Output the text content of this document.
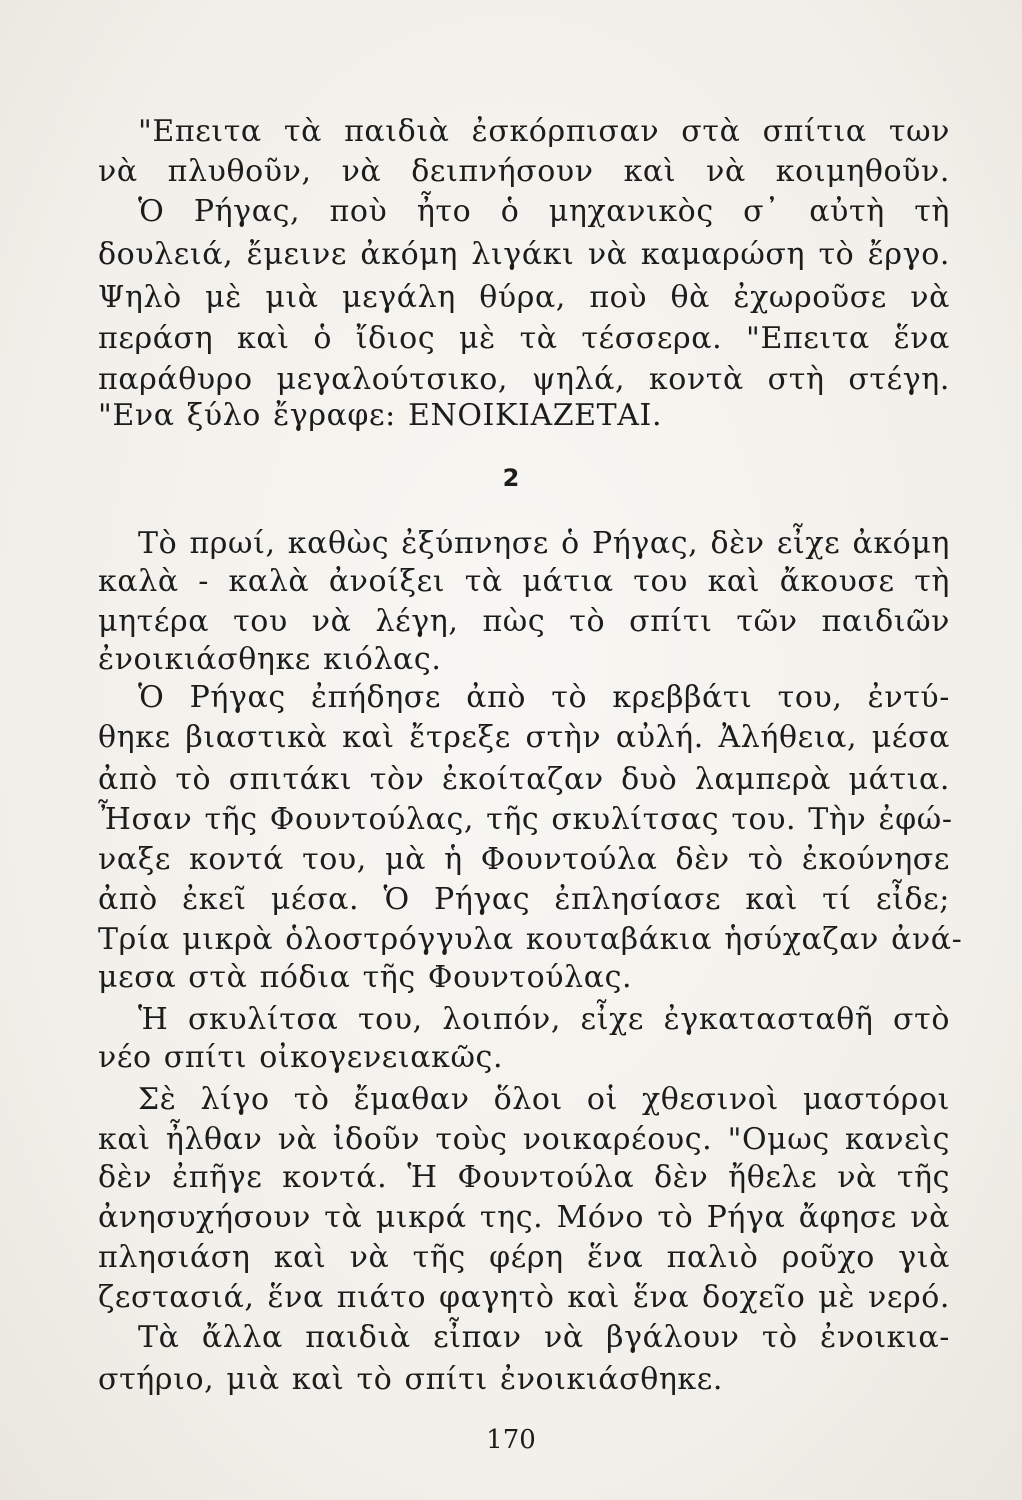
"Επειτα τὰ παιδιὰ ἐσκόρπισαν στὰ σπίτια των
νὰ πλυθοῦν, νὰ δειπνήσουν καὶ νὰ κοιμηθοῦν.
Ὁ Ρήγας, ποὺ ἦτο ὁ μηχανικὸς σ᾽ αὐτὴ τὴ
δουλειά, ἔμεινε ἀκόμη λιγάκι νὰ καμαρώση τὸ ἔργο.
Ψηλὸ μὲ μιὰ μεγάλη θύρα, ποὺ θὰ ἐχωροῦσε νὰ
περάση καὶ ὁ ἴδιος μὲ τὰ τέσσερα. "Επειτα ἕνα
παράθυρο μεγαλούτσικο, ψηλά, κοντὰ στὴ στέγη.
"Ενα ξύλο ἔγραφε: ΕΝΟΙΚΙΑΖΕΤΑΙ.
2
Τὸ πρωί, καθὼς ἐξύπνησε ὁ Ρήγας, δὲν εἶχε ἀκόμη
καλὰ - καλὰ ἀνοίξει τὰ μάτια του καὶ ἄκουσε τὴ
μητέρα του νὰ λέγη, πὼς τὸ σπίτι τῶν παιδιῶν
ἐνοικιάσθηκε κιόλας.
Ὁ Ρήγας ἐπήδησε ἀπὸ τὸ κρεββάτι του, ἐντύ-
θηκε βιαστικὰ καὶ ἔτρεξε στὴν αὐλή. Ἀλήθεια, μέσα
ἀπὸ τὸ σπιτάκι τὸν ἐκοίταζαν δυὸ λαμπερὰ μάτια.
Ἦσαν τῆς Φουντούλας, τῆς σκυλίτσας του. Τὴν ἐφώ-
ναξε κοντά του, μὰ ἡ Φουντούλα δὲν τὸ ἐκούνησε
ἀπὸ ἐκεῖ μέσα. Ὁ Ρήγας ἐπλησίασε καὶ τί εἶδε;
Τρία μικρὰ ὁλοστρόγγυλα κουταβάκια ἡσύχαζαν ἀνά-
μεσα στὰ πόδια τῆς Φουντούλας.
Ἡ σκυλίτσα του, λοιπόν, εἶχε ἐγκατασταθῆ στὸ
νέο σπίτι οἰκογενειακῶς.
Σὲ λίγο τὸ ἔμαθαν ὅλοι οἱ χθεσινοὶ μαστόροι
καὶ ἦλθαν νὰ ἰδοῦν τοὺς νοικαρέους. "Ομως κανεὶς
δὲν ἐπῆγε κοντά. Ἡ Φουντούλα δὲν ἤθελε νὰ τῆς
ἀνησυχήσουν τὰ μικρά της. Μόνο τὸ Ρήγα ἄφησε νὰ
πλησιάση καὶ νὰ τῆς φέρη ἕνα παλιὸ ροῦχο γιὰ
ζεστασιά, ἕνα πιάτο φαγητὸ καὶ ἕνα δοχεῖο μὲ νερό.
Τὰ ἄλλα παιδιὰ εἶπαν νὰ βγάλουν τὸ ἐνοικια-
στήριο, μιὰ καὶ τὸ σπίτι ἐνοικιάσθηκε.
170
